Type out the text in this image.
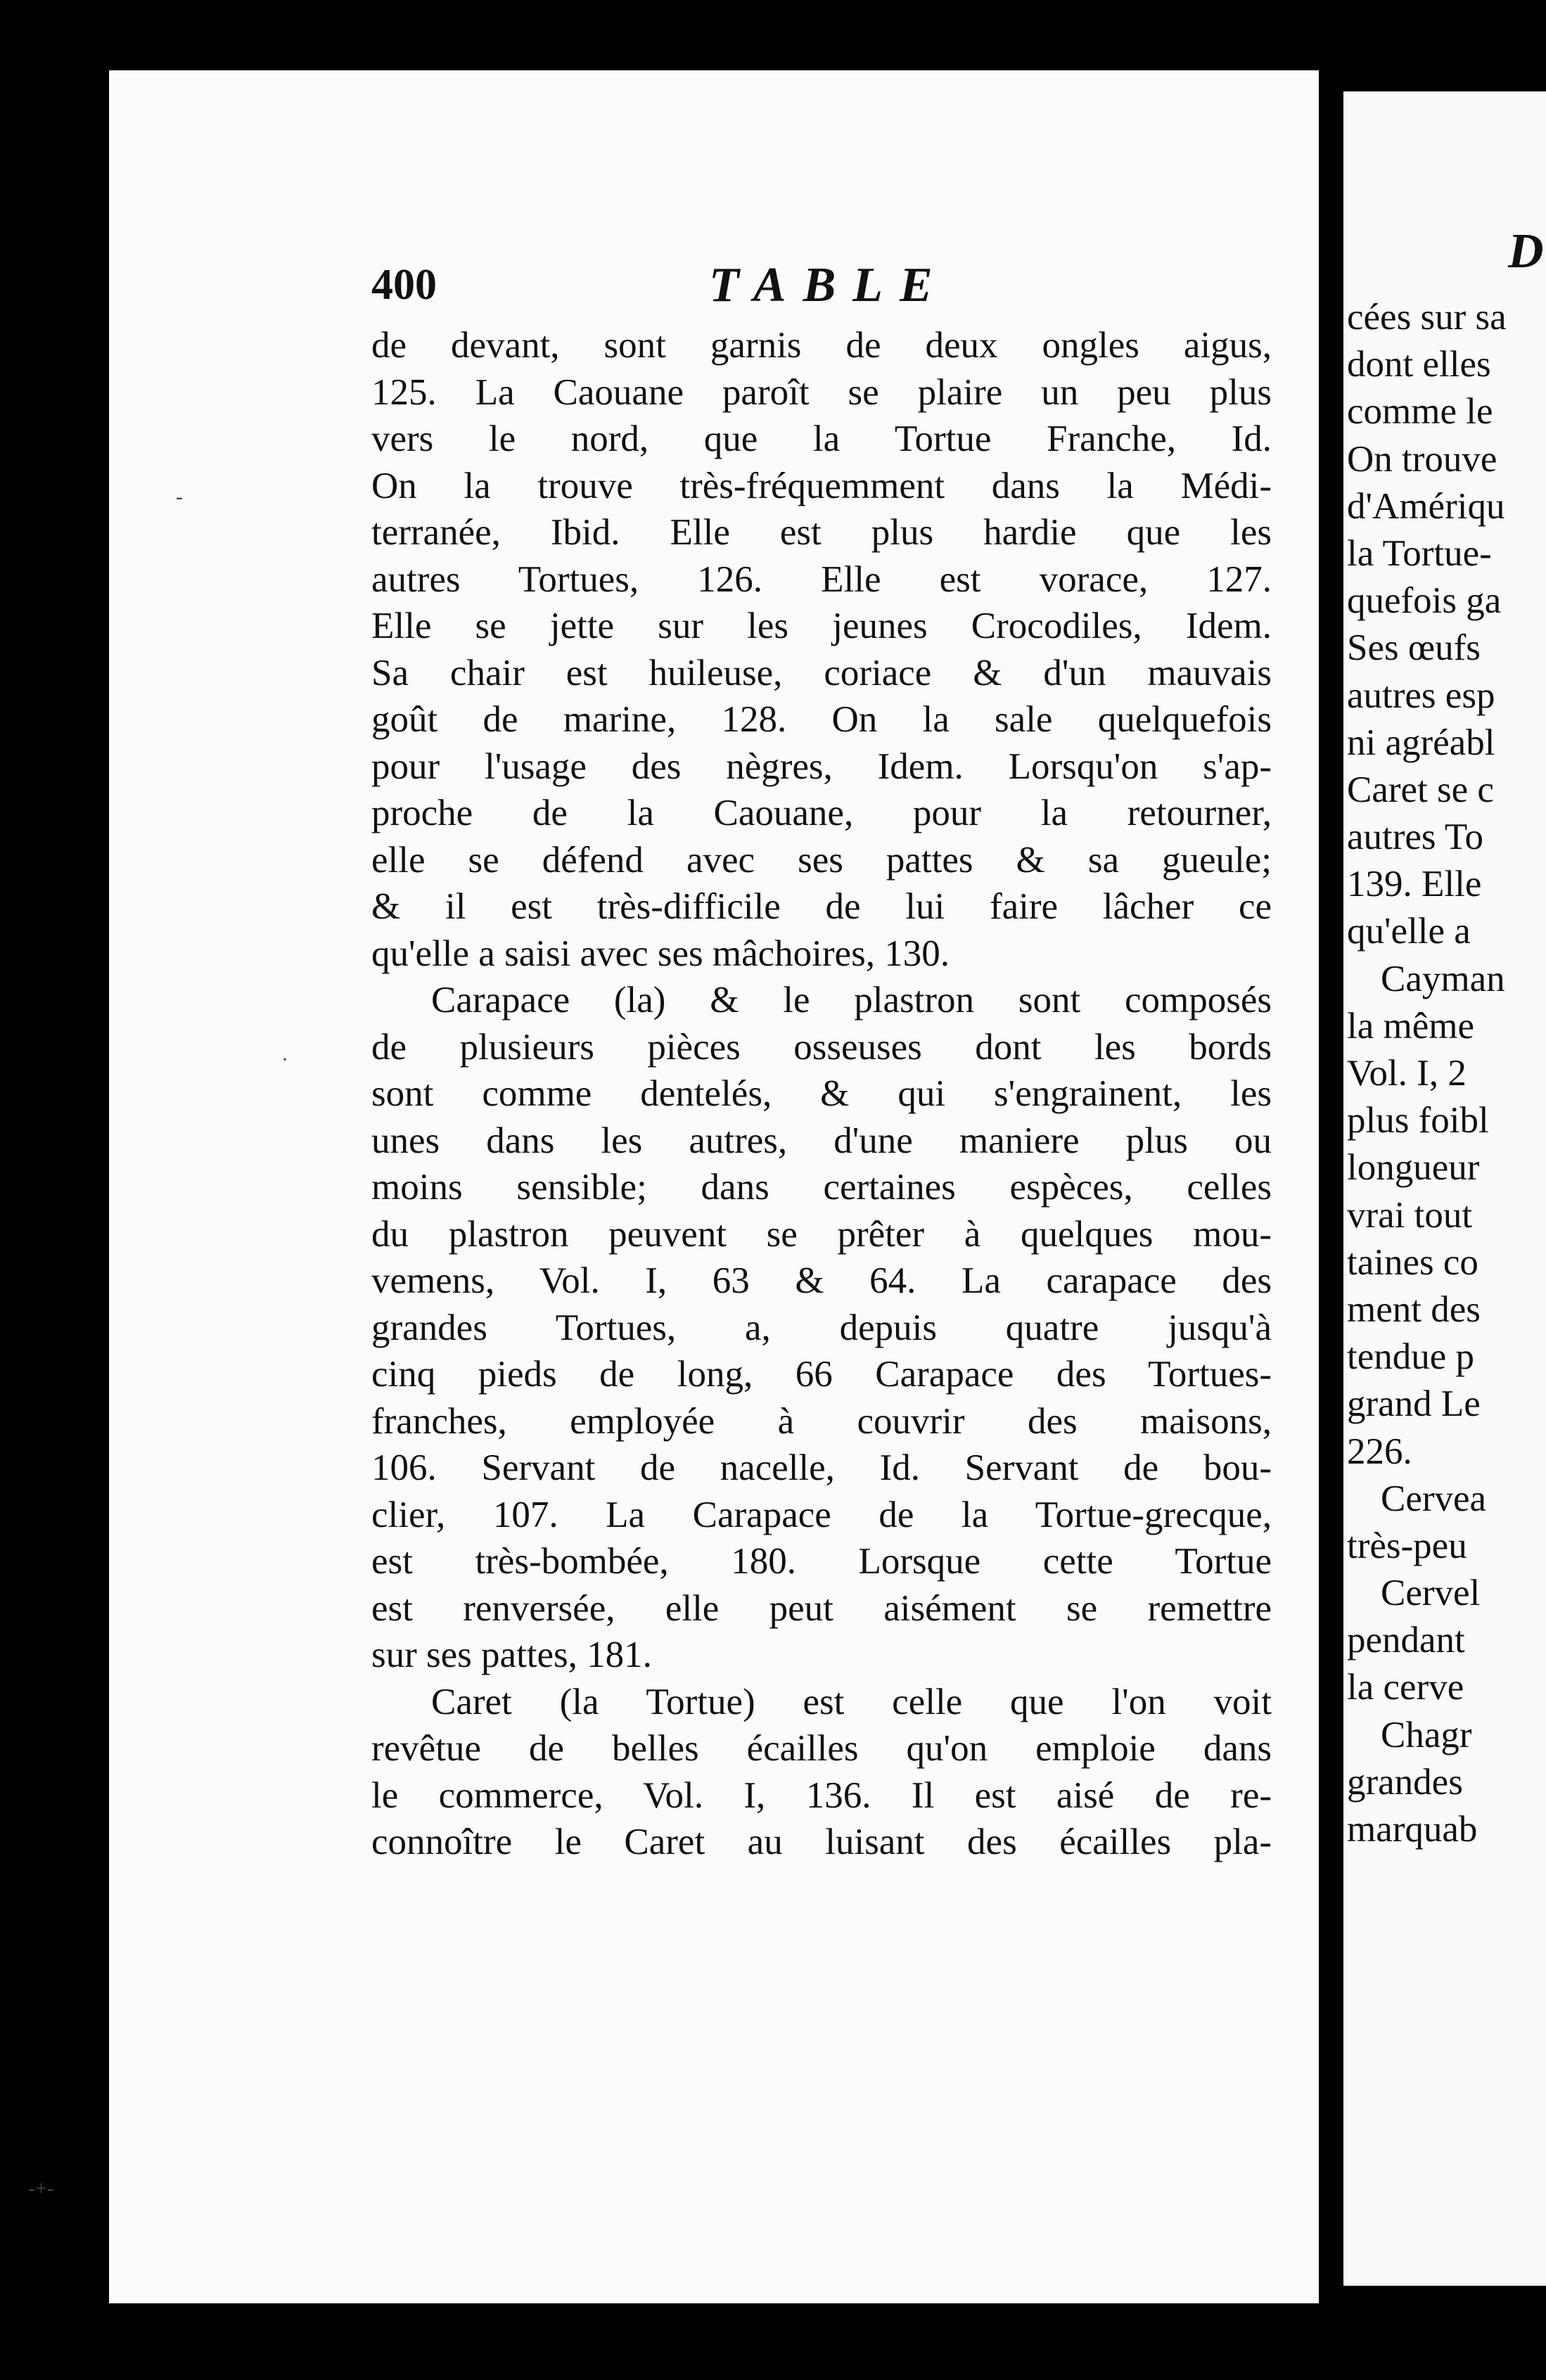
400	TABLE
de devant, sont garnis de deux ongles aigus,
125. La Caouane paroît se plaire un peu plus
vers le nord, que la Tortue Franche, Id.
On la trouve très-fréquemment dans la Médi-
terranée, Ibid. Elle est plus hardie que les
autres Tortues, 126. Elle est vorace, 127.
Elle se jette sur les jeunes Crocodiles, Idem.
Sa chair est huileuse, coriace & d'un mauvais
goût de marine, 128. On la sale quelquefois
pour l'usage des nègres, Idem. Lorsqu'on s'ap-
proche de la Caouane, pour la retourner,
elle se défend avec ses pattes & sa gueule;
& il est très-difficile de lui faire lâcher ce
qu'elle a saisi avec ses mâchoires, 130.
Carapace (la) & le plastron sont composés
de plusieurs pièces osseuses dont les bords
sont comme dentelés, & qui s'engrainent, les
unes dans les autres, d'une maniere plus ou
moins sensible; dans certaines espèces, celles
du plastron peuvent se prêter à quelques mou-
vemens, Vol. I, 63 & 64. La carapace des
grandes Tortues, a, depuis quatre jusqu'à
cinq pieds de long, 66 Carapace des Tortues-
franches, employée à couvrir des maisons,
106. Servant de nacelle, Id. Servant de bou-
clier, 107. La Carapace de la Tortue-grecque,
est très-bombée, 180. Lorsque cette Tortue
est renversée, elle peut aisément se remettre
sur ses pattes, 181.
Caret (la Tortue) est celle que l'on voit
revêtue de belles écailles qu'on emploie dans
le commerce, Vol. I, 136. Il est aisé de re-
connoître le Caret au luisant des écailles pla-
D
cées sur sa
dont elles
comme le
On trouve
d'Amériqu
la Tortue-
quefois ga
Ses œufs
autres esp
ni agréabl
Caret se c
autres To
139. Elle
qu'elle a
Cayman
la même
Vol. I, 2
plus foibl
longueur
vrai tout
taines co
ment des
tendue p
grand Le
226.
Cervea
très-peu
Cervel
pendant
la cerve
Chagr
grandes
marquab
-
·
-+-
